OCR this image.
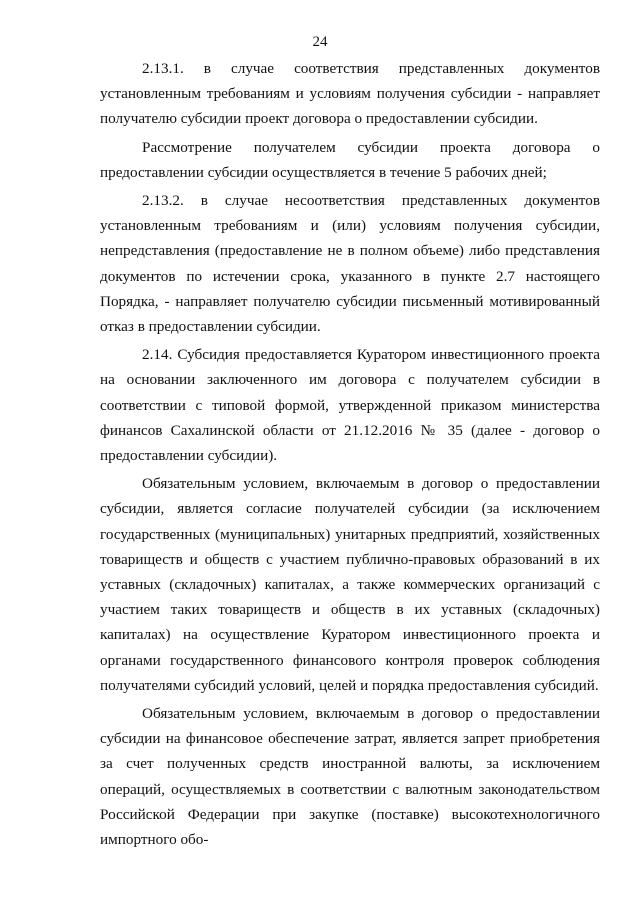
24

2.13.1. в случае соответствия представленных документов установленным требованиям и условиям получения субсидии - направляет получателю субсидии проект договора о предоставлении субсидии.

Рассмотрение получателем субсидии проекта договора о предоставлении субсидии осуществляется в течение 5 рабочих дней;

2.13.2. в случае несоответствия представленных документов установленным требованиям и (или) условиям получения субсидии, непредставления (предоставление не в полном объеме) либо представления документов по истечении срока, указанного в пункте 2.7 настоящего Порядка, - направляет получателю субсидии письменный мотивированный отказ в предоставлении субсидии.

2.14. Субсидия предоставляется Куратором инвестиционного проекта на основании заключенного им договора с получателем субсидии в соответствии с типовой формой, утвержденной приказом министерства финансов Сахалинской области от 21.12.2016 № 35 (далее - договор о предоставлении субсидии).

Обязательным условием, включаемым в договор о предоставлении субсидии, является согласие получателей субсидии (за исключением государственных (муниципальных) унитарных предприятий, хозяйственных товариществ и обществ с участием публично-правовых образований в их уставных (складочных) капиталах, а также коммерческих организаций с участием таких товариществ и обществ в их уставных (складочных) капиталах) на осуществление Куратором инвестиционного проекта и органами государственного финансового контроля проверок соблюдения получателями субсидий условий, целей и порядка предоставления субсидий.

Обязательным условием, включаемым в договор о предоставлении субсидии на финансовое обеспечение затрат, является запрет приобретения за счет полученных средств иностранной валюты, за исключением операций, осуществляемых в соответствии с валютным законодательством Российской Федерации при закупке (поставке) высокотехнологичного импортного обо-
